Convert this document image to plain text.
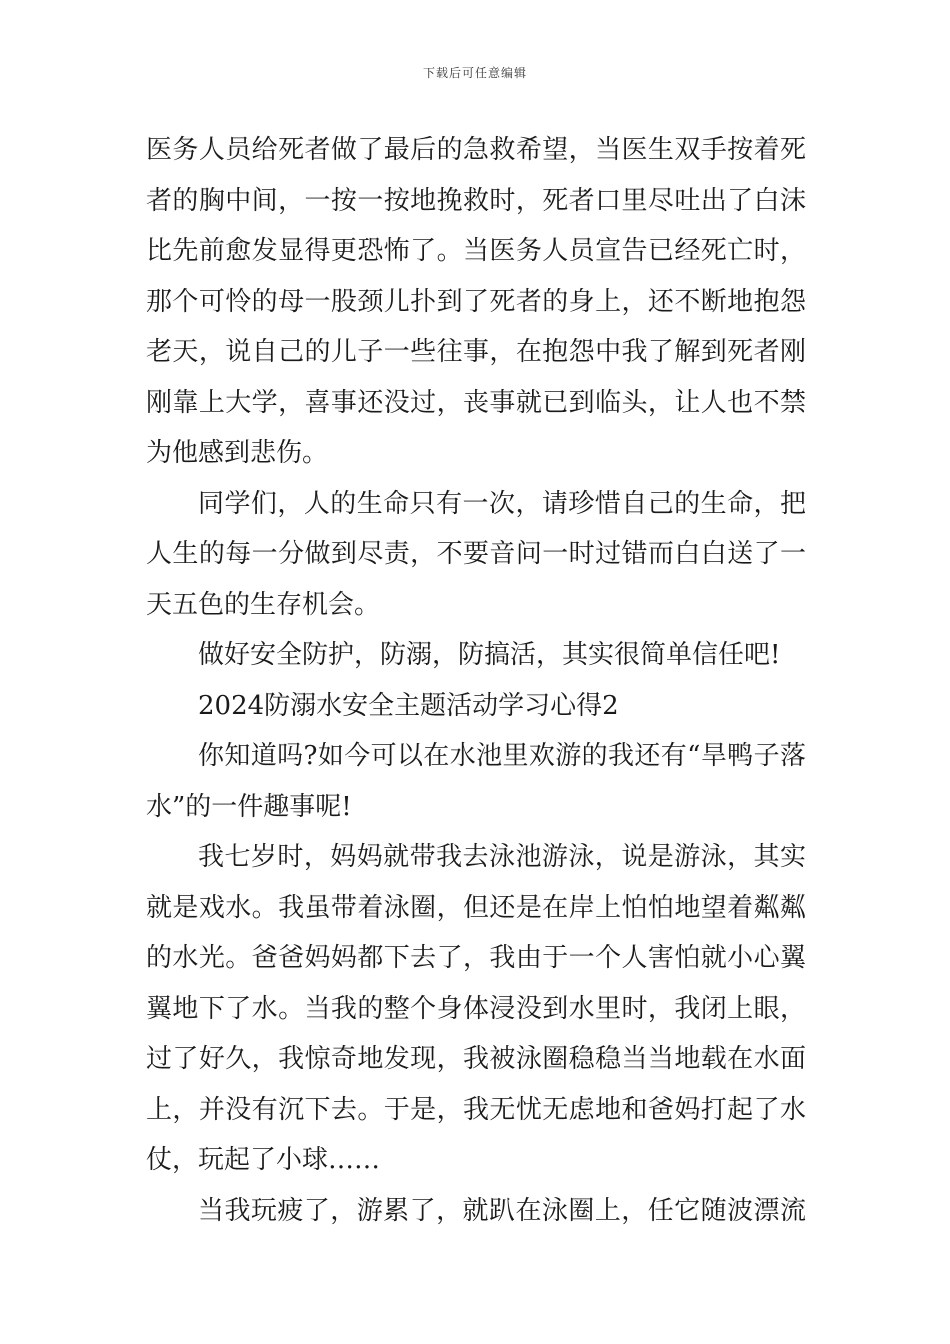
下载后可任意编辑
医务人员给死者做了最后的急救希望，当医生双手按着死
者的胸中间，一按一按地挽救时，死者口里尽吐出了白沫
比先前愈发显得更恐怖了。当医务人员宣告已经死亡时，
那个可怜的母一股颈儿扑到了死者的身上，还不断地抱怨
老天，说自己的儿子一些往事，在抱怨中我了解到死者刚
刚靠上大学，喜事还没过，丧事就已到临头，让人也不禁
为他感到悲伤。
同学们，人的生命只有一次，请珍惜自己的生命，把
人生的每一分做到尽责，不要音问一时过错而白白送了一
天五色的生存机会。
做好安全防护，防溺，防搞活，其实很简单信任吧!
2024防溺水安全主题活动学习心得2
你知道吗?如今可以在水池里欢游的我还有“旱鸭子落
水”的一件趣事呢!
我七岁时，妈妈就带我去泳池游泳，说是游泳，其实
就是戏水。我虽带着泳圈，但还是在岸上怕怕地望着粼粼
的水光。爸爸妈妈都下去了，我由于一个人害怕就小心翼
翼地下了水。当我的整个身体浸没到水里时，我闭上眼，
过了好久，我惊奇地发现，我被泳圈稳稳当当地载在水面
上，并没有沉下去。于是，我无忧无虑地和爸妈打起了水
仗，玩起了小球……
当我玩疲了，游累了，就趴在泳圈上，任它随波漂流
